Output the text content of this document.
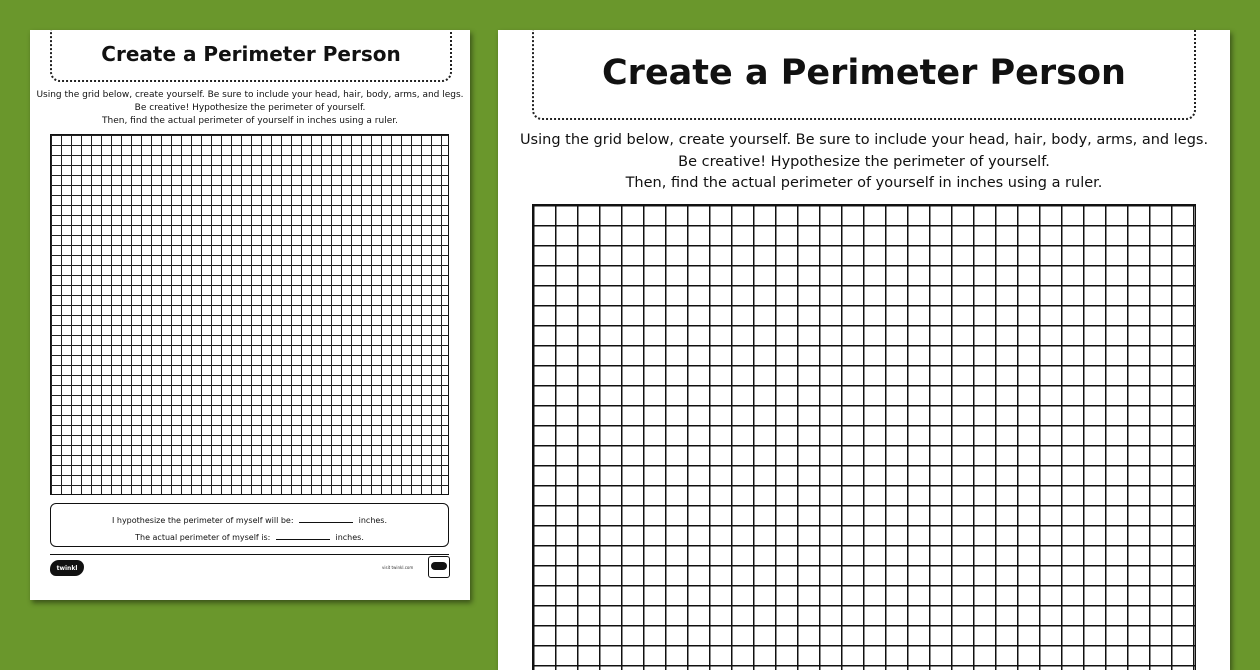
Create a Perimeter Person
Using the grid below, create yourself. Be sure to include your head, hair, body, arms, and legs.
Be creative! Hypothesize the perimeter of yourself.
Then, find the actual perimeter of yourself in inches using a ruler.
I hypothesize the perimeter of myself will be:	inches.
The actual perimeter of myself is:	inches.
twinkl	visit twinkl.com
Create a Perimeter Person
Using the grid below, create yourself. Be sure to include your head, hair, body, arms, and legs.
Be creative! Hypothesize the perimeter of yourself.
Then, find the actual perimeter of yourself in inches using a ruler.
